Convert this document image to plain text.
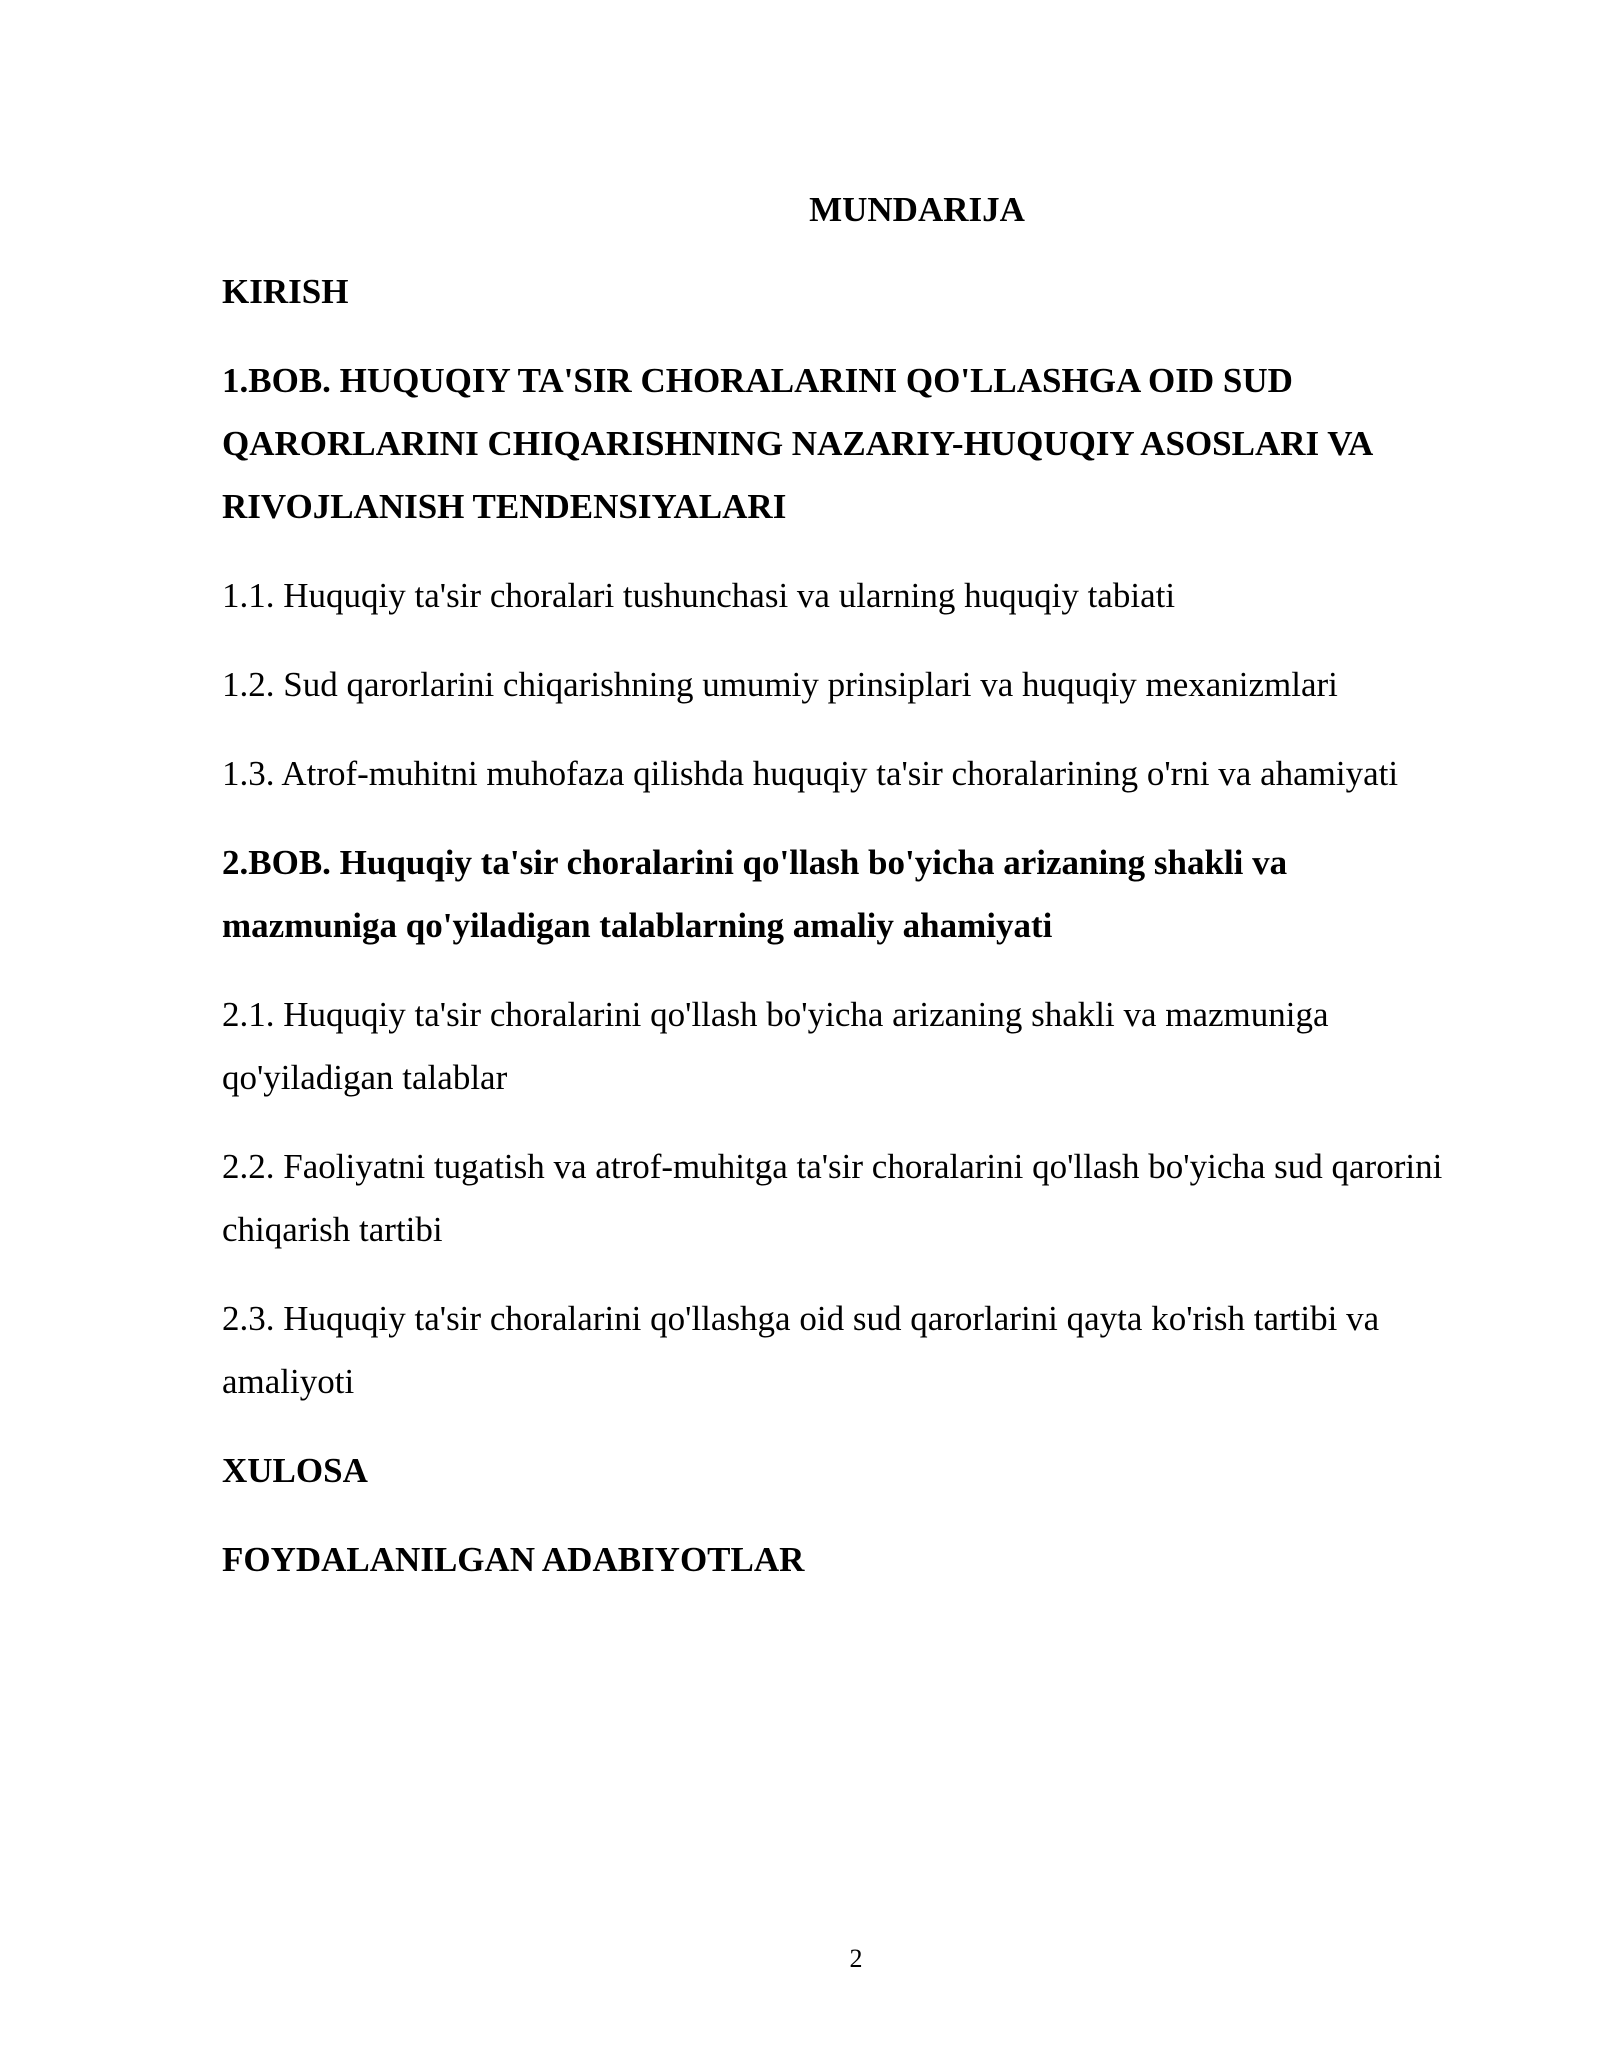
MUNDARIJA
KIRISH
1.BOB. HUQUQIY TA'SIR CHORALARINI QO'LLASHGA OID SUD QARORLARINI CHIQARISHNING NAZARIY-HUQUQIY ASOSLARI VA RIVOJLANISH TENDENSIYALARI
1.1. Huquqiy ta'sir choralari tushunchasi va ularning huquqiy tabiati
1.2. Sud qarorlarini chiqarishning umumiy prinsiplari va huquqiy mexanizmlari
1.3. Atrof-muhitni muhofaza qilishda huquqiy ta'sir choralarining o'rni va ahamiyati
2.BOB. Huquqiy ta'sir choralarini qo'llash bo'yicha arizaning shakli va mazmuniga qo'yiladigan talablarning amaliy ahamiyati
2.1. Huquqiy ta'sir choralarini qo'llash bo'yicha arizaning shakli va mazmuniga qo'yiladigan talablar
2.2. Faoliyatni tugatish va atrof-muhitga ta'sir choralarini qo'llash bo'yicha sud qarorini chiqarish tartibi
2.3. Huquqiy ta'sir choralarini qo'llashga oid sud qarorlarini qayta ko'rish tartibi va amaliyoti
XULOSA
FOYDALANILGAN ADABIYOTLAR
2
